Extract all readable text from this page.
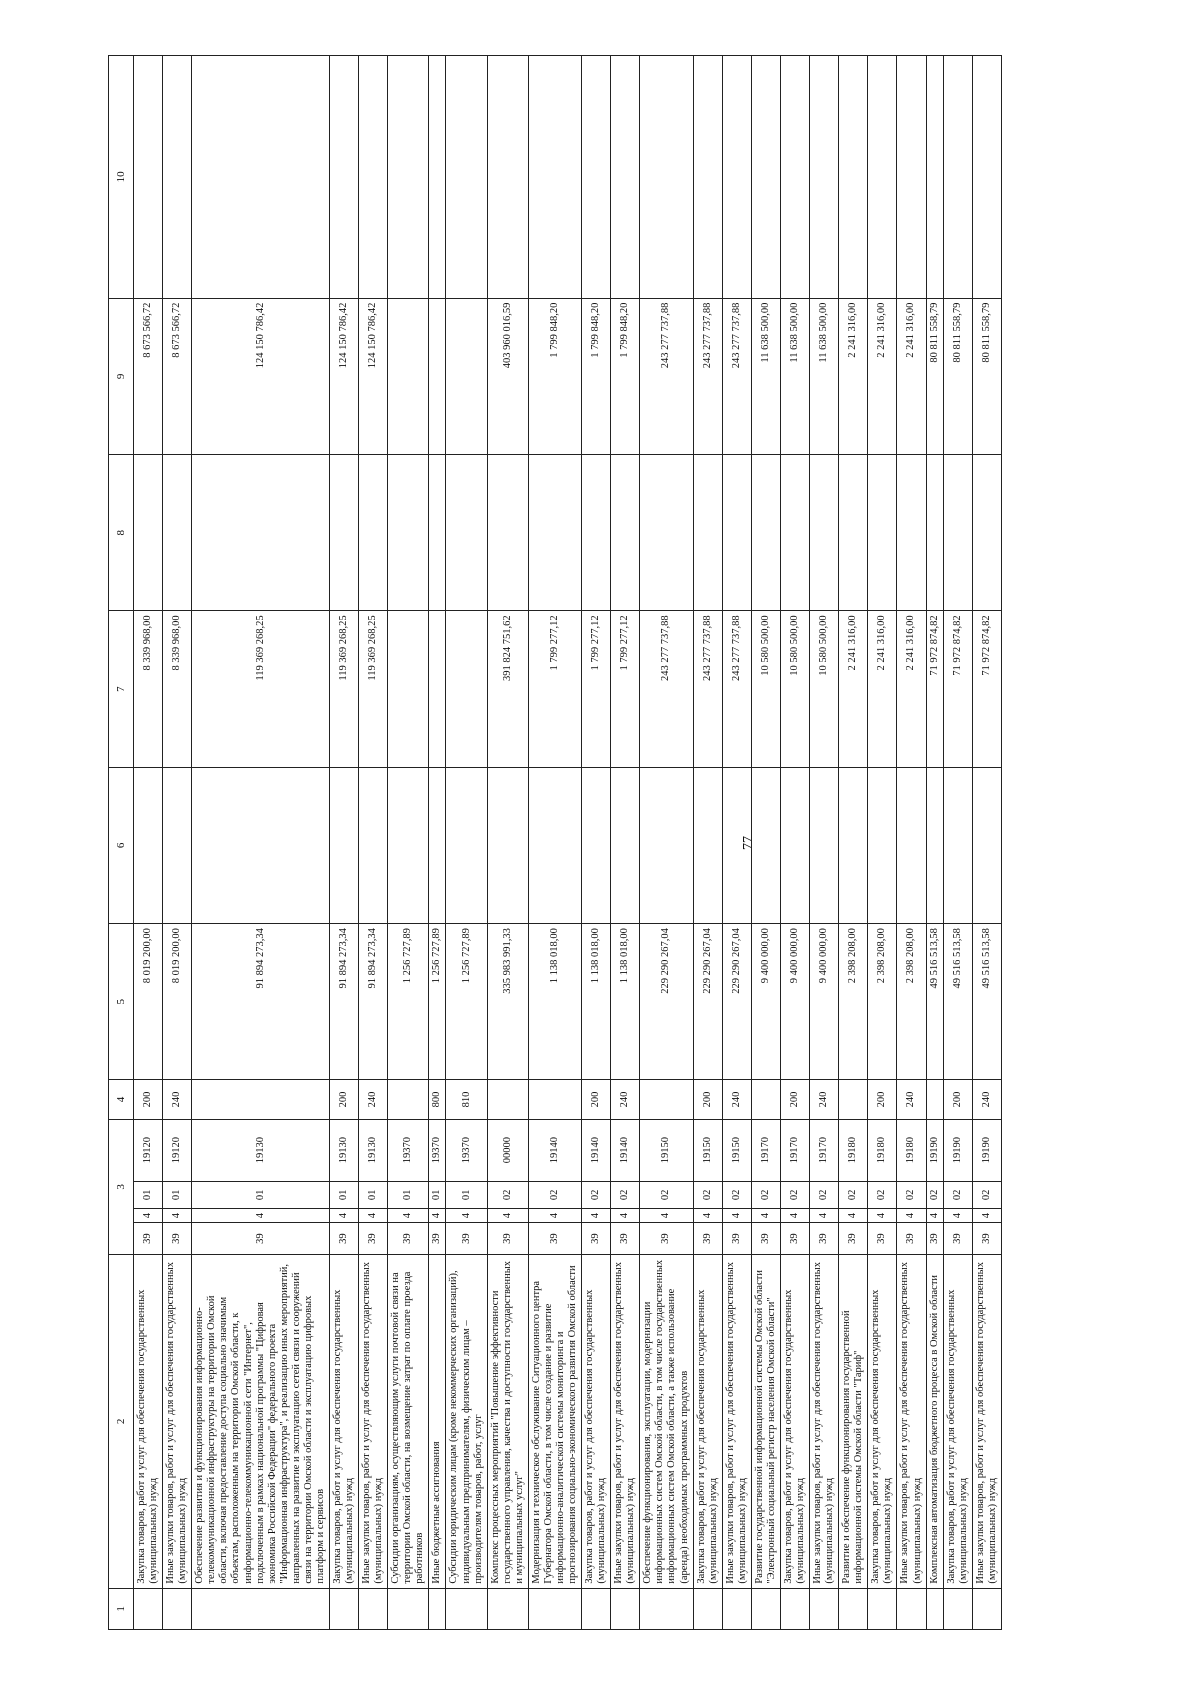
77
1	2	3				4	5	6	7	8	9	10
	Закупка товаров, работ и услуг для обеспечения государственных (муниципальных) нужд	39	4	01	19120	200	8 019 200,00		8 339 968,00		8 673 566,72	
	Иные закупки товаров, работ и услуг для обеспечения государственных (муниципальных) нужд	39	4	01	19120	240	8 019 200,00		8 339 968,00		8 673 566,72	
	Обеспечение развития и функционирования информационно-телекоммуникационной инфраструктуры на территории Омской области, включая предоставление доступа социально значимым объектам, расположенным на территории Омской области, к информационно-телекоммуникационной сети "Интернет", подключенным в рамках национальной программы "Цифровая экономика Российской Федерации" федерального проекта "Информационная инфраструктура", и реализацию иных мероприятий, направленных на развитие и эксплуатацию сетей связи и сооружений связи на территории Омской области и эксплуатацию цифровых платформ и сервисов	39	4	01	19130		91 894 273,34		119 369 268,25		124 150 786,42	
	Закупка товаров, работ и услуг для обеспечения государственных (муниципальных) нужд	39	4	01	19130	200	91 894 273,34		119 369 268,25		124 150 786,42	
	Иные закупки товаров, работ и услуг для обеспечения государственных (муниципальных) нужд	39	4	01	19130	240	91 894 273,34		119 369 268,25		124 150 786,42	
	Субсидии организациям, осуществляющим услуги почтовой связи на территории Омской области, на возмещение затрат по оплате проезда работников	39	4	01	19370		1 256 727,89					
	Иные бюджетные ассигнования	39	4	01	19370	800	1 256 727,89					
	Субсидии юридическим лицам (кроме некоммерческих организаций), индивидуальным предпринимателям, физическим лицам – производителям товаров, работ, услуг	39	4	01	19370	810	1 256 727,89					
	Комплекс процессных мероприятий "Повышение эффективности государственного управления, качества и доступности государственных и муниципальных услуг"	39	4	02	00000		335 983 991,33		391 824 751,62		403 960 016,59	
	Модернизация и техническое обслуживание Ситуационного центра Губернатора Омской области, в том числе создание и развитие информационно-аналитической системы мониторинга и прогнозирования социально-экономического развития Омской области	39	4	02	19140		1 138 018,00		1 799 277,12		1 799 848,20	
	Закупка товаров, работ и услуг для обеспечения государственных (муниципальных) нужд	39	4	02	19140	200	1 138 018,00		1 799 277,12		1 799 848,20	
	Иные закупки товаров, работ и услуг для обеспечения государственных (муниципальных) нужд	39	4	02	19140	240	1 138 018,00		1 799 277,12		1 799 848,20	
	Обеспечение функционирования, эксплуатации, модернизации информационных систем Омской области, в том числе государственных информационных систем Омской области, а также использование (аренда) необходимых программных продуктов	39	4	02	19150		229 290 267,04		243 277 737,88		243 277 737,88	
	Закупка товаров, работ и услуг для обеспечения государственных (муниципальных) нужд	39	4	02	19150	200	229 290 267,04		243 277 737,88		243 277 737,88	
	Иные закупки товаров, работ и услуг для обеспечения государственных (муниципальных) нужд	39	4	02	19150	240	229 290 267,04		243 277 737,88		243 277 737,88	
	Развитие государственной информационной системы Омской области "Электронный социальный регистр населения Омской области"	39	4	02	19170		9 400 000,00		10 580 500,00		11 638 500,00	
	Закупка товаров, работ и услуг для обеспечения государственных (муниципальных) нужд	39	4	02	19170	200	9 400 000,00		10 580 500,00		11 638 500,00	
	Иные закупки товаров, работ и услуг для обеспечения государственных (муниципальных) нужд	39	4	02	19170	240	9 400 000,00		10 580 500,00		11 638 500,00	
	Развитие и обеспечение функционирования государственной информационной системы Омской области "Тариф"	39	4	02	19180		2 398 208,00		2 241 316,00		2 241 316,00	
	Закупка товаров, работ и услуг для обеспечения государственных (муниципальных) нужд	39	4	02	19180	200	2 398 208,00		2 241 316,00		2 241 316,00	
	Иные закупки товаров, работ и услуг для обеспечения государственных (муниципальных) нужд	39	4	02	19180	240	2 398 208,00		2 241 316,00		2 241 316,00	
	Комплексная автоматизация бюджетного процесса в Омской области	39	4	02	19190		49 516 513,58		71 972 874,82		80 811 558,79	
	Закупка товаров, работ и услуг для обеспечения государственных (муниципальных) нужд	39	4	02	19190	200	49 516 513,58		71 972 874,82		80 811 558,79	
	Иные закупки товаров, работ и услуг для обеспечения государственных (муниципальных) нужд	39	4	02	19190	240	49 516 513,58		71 972 874,82		80 811 558,79	
